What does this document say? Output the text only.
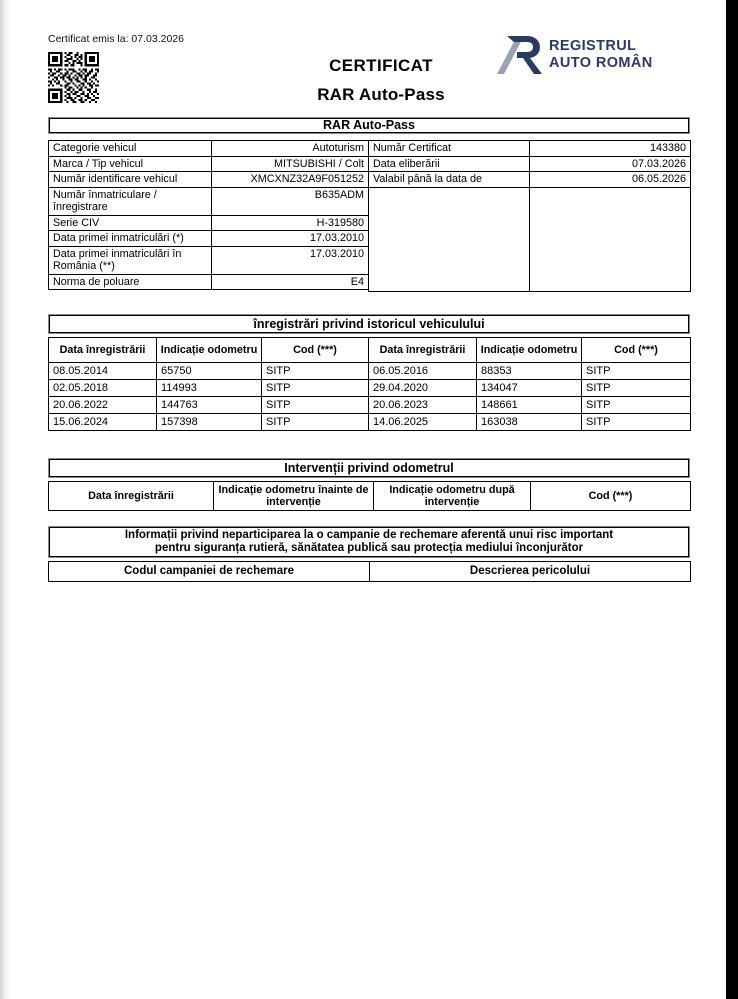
Certificat emis la: 07.03.2026
CERTIFICAT
RAR Auto-Pass
REGISTRUL
AUTO ROMÂN
RAR Auto-Pass
Categorie vehicul	Autoturism
Marca / Tip vehicul	MITSUBISHI / Colt
Număr identificare vehicul	XMCXNZ32A9F051252
Număr înmatriculare / înregistrare	B635ADM
Serie CIV	H-319580
Data primei inmatriculări (*)	17.03.2010
Data primei inmatriculări în România (**)	17.03.2010
Norma de poluare	E4
Număr Certificat	143380
Data eliberării	07.03.2026
Valabil până la data de	06.05.2026

înregistrări privind istoricul vehiculului
Data înregistrării	Indicație odometru	Cod (***)	Data înregistrării	Indicație odometru	Cod (***)
08.05.2014	65750	SITP	06.05.2016	88353	SITP
02.05.2018	114993	SITP	29.04.2020	134047	SITP
20.06.2022	144763	SITP	20.06.2023	148661	SITP
15.06.2024	157398	SITP	14.06.2025	163038	SITP
Intervenții privind odometrul
Data înregistrării	Indicație odometru înainte de intervenție	Indicație odometru după intervenție	Cod (***)
Informații privind neparticiparea la o campanie de rechemare aferentă unui risc important
pentru siguranța rutieră, sănătatea publică sau protecția mediului înconjurător
Codul campaniei de rechemare	Descrierea pericolului
autovit.ro
